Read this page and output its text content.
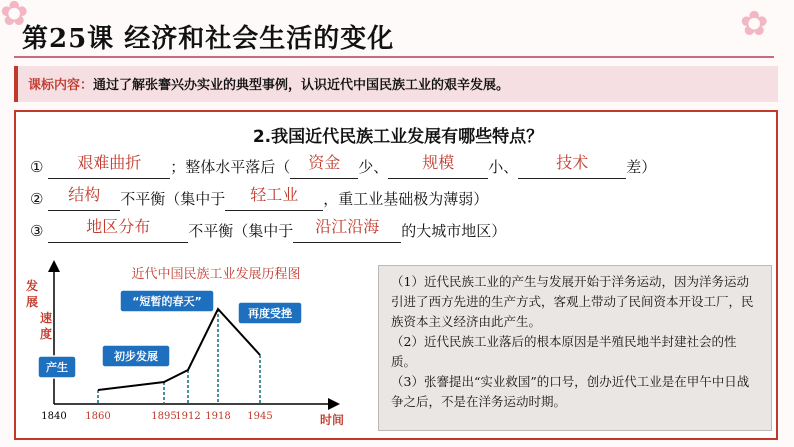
✿	✿
第25课 经济和社会生活的变化
课标内容：通过了解张謇兴办实业的典型事例，认识近代中国民族工业的艰辛发展。
2.我国近代民族工业发展有哪些特点？
① 艰难曲折 ；整体水平落后（ 资金 少、 规模 小、 技术	差）
② 结构 不平衡（集中于 轻工业 ，重工业基础极为薄弱）
③	地区分布	不平衡（集中于 沿江沿海 的大城市地区）
近代中国民族工业发展历程图
发展速度
时间
1840 1860	1895
1912 1918 1945
产生
初步发展
“短暂的春天”
再度受挫

（1）近代民族工业的产生与发展开始于洋务运动，因为洋务运动引进了西方先进的生产方式，客观上带动了民间资本开设工厂，民族资本主义经济由此产生。

（2）近代民族工业落后的根本原因是半殖民地半封建社会的性质。

（3）张謇提出“实业救国”的口号，创办近代工业是在甲午中日战争之后，不是在洋务运动时期。
